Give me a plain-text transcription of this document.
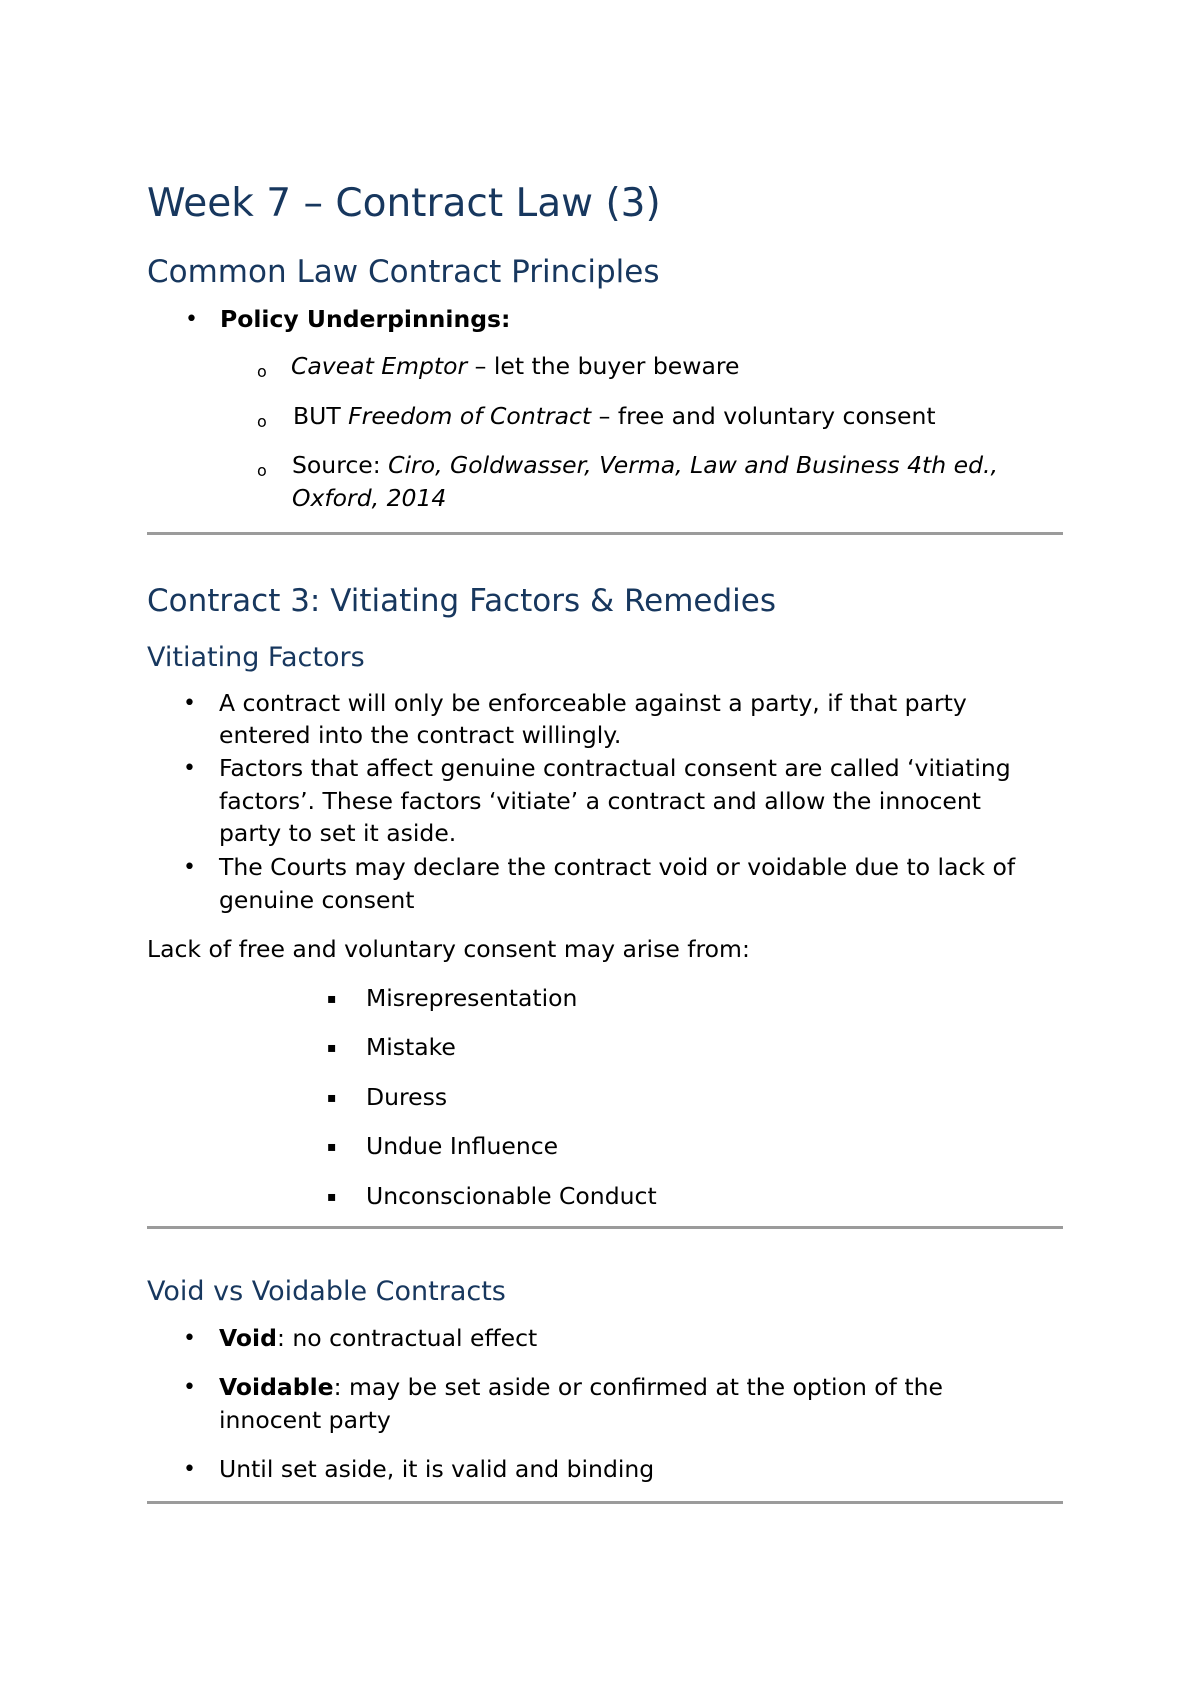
Week 7 – Contract Law (3)
Common Law Contract Principles
• Policy Underpinnings:
o Caveat Emptor – let the buyer beware
o BUT Freedom of Contract – free and voluntary consent
o Source: Ciro, Goldwasser, Verma, Law and Business 4th ed.,
Oxford, 2014
Contract 3: Vitiating Factors & Remedies
Vitiating Factors
• A contract will only be enforceable against a party, if that party
entered into the contract willingly.
• Factors that affect genuine contractual consent are called ‘vitiating
factors’. These factors ‘vitiate’ a contract and allow the innocent
party to set it aside.
• The Courts may declare the contract void or voidable due to lack of
genuine consent
Lack of free and voluntary consent may arise from:
▪ Misrepresentation
▪ Mistake
▪ Duress
▪ Undue Influence
▪ Unconscionable Conduct
Void vs Voidable Contracts
• Void: no contractual effect
• Voidable: may be set aside or confirmed at the option of the
innocent party
• Until set aside, it is valid and binding
